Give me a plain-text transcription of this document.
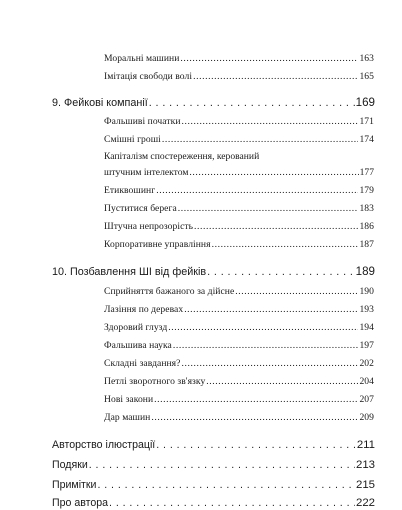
Моральні машини .....	163
Імітація свободи волі .....	165
9. Фейкові компанії . . .	169
Фальшиві початки .....	171
Смішні гроші .....	174
Капіталізм спостереження, керований
штучним інтелектом .....	177
Етиквошинг .....	179
Пуститися берега .....	183
Штучна непрозорість .....	186
Корпоративне управління .....	187
10. Позбавлення ШІ від фейків . . .	189
Сприйняття бажаного за дійсне .....	190
Лазіння по деревах .....	193
Здоровий глузд .....	194
Фальшива наука .....	197
Складні завдання? .....	202
Петлі зворотного зв'язку .....	204
Нові закони .....	207
Дар машин .....	209
Авторство ілюстрації . . .	211
Подяки . . .	213
Примітки . . .	215
Про автора . . .	222
